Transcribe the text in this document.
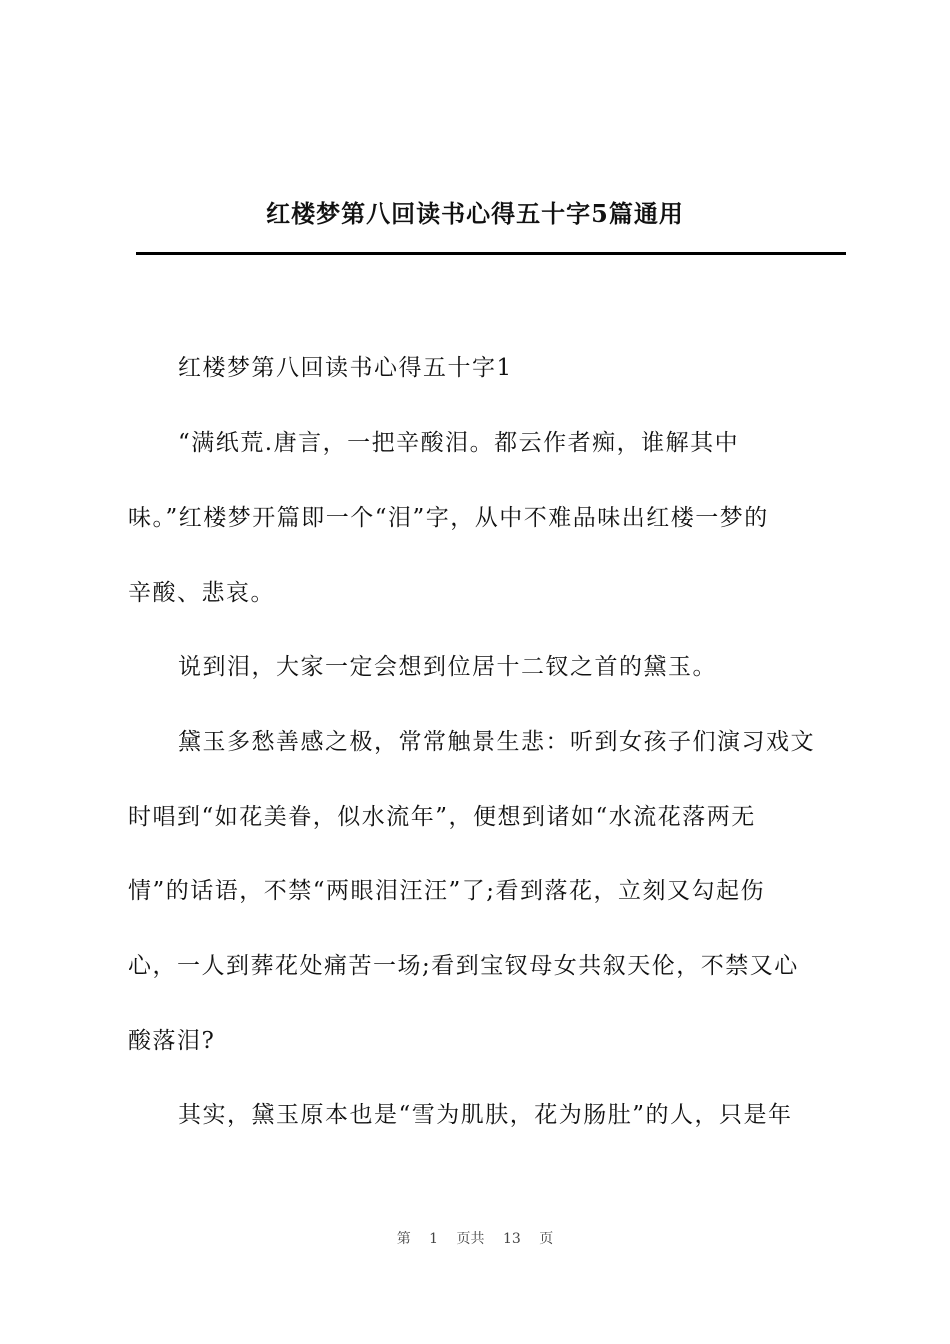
红楼梦第八回读书心得五十字5篇通用
红楼梦第八回读书心得五十字1
“满纸荒.唐言，一把辛酸泪。都云作者痴，谁解其中
味。”红楼梦开篇即一个“泪”字，从中不难品味出红楼一梦的
辛酸、悲哀。
说到泪，大家一定会想到位居十二钗之首的黛玉。
黛玉多愁善感之极，常常触景生悲：听到女孩子们演习戏文
时唱到“如花美眷，似水流年”，便想到诸如“水流花落两无
情”的话语，不禁“两眼泪汪汪”了;看到落花，立刻又勾起伤
心，一人到葬花处痛苦一场;看到宝钗母女共叙天伦，不禁又心
酸落泪?
其实，黛玉原本也是“雪为肌肤，花为肠肚”的人，只是年
第 1 页共 13 页
